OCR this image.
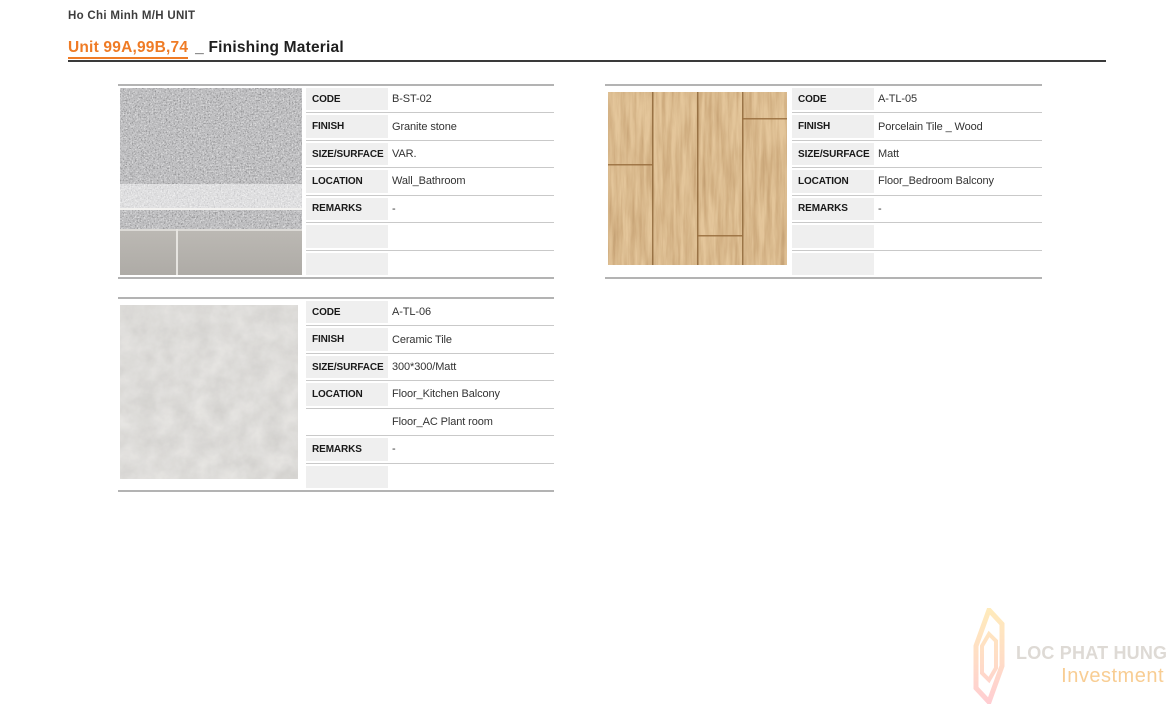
Ho Chi Minh M/H UNIT
Unit 99A,99B,74 _ Finishing Material
CODE	B-ST-02
FINISH	Granite stone
SIZE/SURFACE VAR.
LOCATION	Wall_Bathroom
REMARKS	-
CODE	A-TL-05
FINISH	Porcelain Tile _ Wood
SIZE/SURFACE Matt
LOCATION	Floor_Bedroom Balcony
REMARKS	-
CODE	A-TL-06
FINISH	Ceramic Tile
SIZE/SURFACE 300*300/Matt
LOCATION	Floor_Kitchen Balcony
Floor_AC Plant room
REMARKS	-
LOC PHAT HUNG
Investment
